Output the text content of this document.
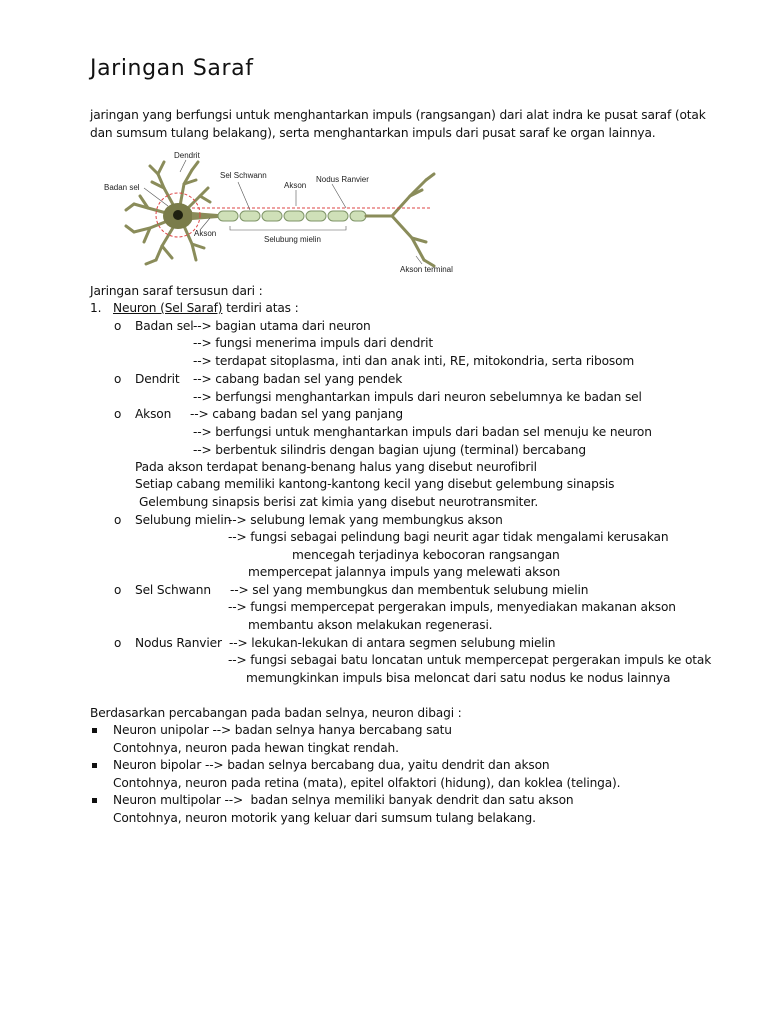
Jaringan Saraf
jaringan yang berfungsi untuk menghantarkan impuls (rangsangan) dari alat indra ke pusat saraf (otak
dan sumsum tulang belakang), serta menghantarkan impuls dari pusat saraf ke organ lainnya.
Dendrit
Badan sel
Sel Schwann
Akson
Nodus Ranvier
Akson
Selubung mielin
Akson terminal
Jaringan saraf tersusun dari :
1. Neuron (Sel Saraf) terdiri atas :
o Badan sel --> bagian utama dari neuron
--> fungsi menerima impuls dari dendrit
--> terdapat sitoplasma, inti dan anak inti, RE, mitokondria, serta ribosom
o Dendrit --> cabang badan sel yang pendek
--> berfungsi menghantarkan impuls dari neuron sebelumnya ke badan sel
o Akson --> cabang badan sel yang panjang
--> berfungsi untuk menghantarkan impuls dari badan sel menuju ke neuron
--> berbentuk silindris dengan bagian ujung (terminal) bercabang
Pada akson terdapat benang-benang halus yang disebut neurofibril
Setiap cabang memiliki kantong-kantong kecil yang disebut gelembung sinapsis
Gelembung sinapsis berisi zat kimia yang disebut neurotransmiter.
o Selubung mielin
--> selubung lemak yang membungkus akson
--> fungsi sebagai pelindung bagi neurit agar tidak mengalami kerusakan
mencegah terjadinya kebocoran rangsangan
mempercepat jalannya impuls yang melewati akson
o Sel Schwann --> sel yang membungkus dan membentuk selubung mielin
--> fungsi mempercepat pergerakan impuls, menyediakan makanan akson
membantu akson melakukan regenerasi.
o Nodus Ranvier --> lekukan-lekukan di antara segmen selubung mielin
--> fungsi sebagai batu loncatan untuk mempercepat pergerakan impuls ke otak
memungkinkan impuls bisa meloncat dari satu nodus ke nodus lainnya
Berdasarkan percabangan pada badan selnya, neuron dibagi :
Neuron unipolar --> badan selnya hanya bercabang satu
Contohnya, neuron pada hewan tingkat rendah.
Neuron bipolar --> badan selnya bercabang dua, yaitu dendrit dan akson
Contohnya, neuron pada retina (mata), epitel olfaktori (hidung), dan koklea (telinga).
Neuron multipolar -->  badan selnya memiliki banyak dendrit dan satu akson
Contohnya, neuron motorik yang keluar dari sumsum tulang belakang.
